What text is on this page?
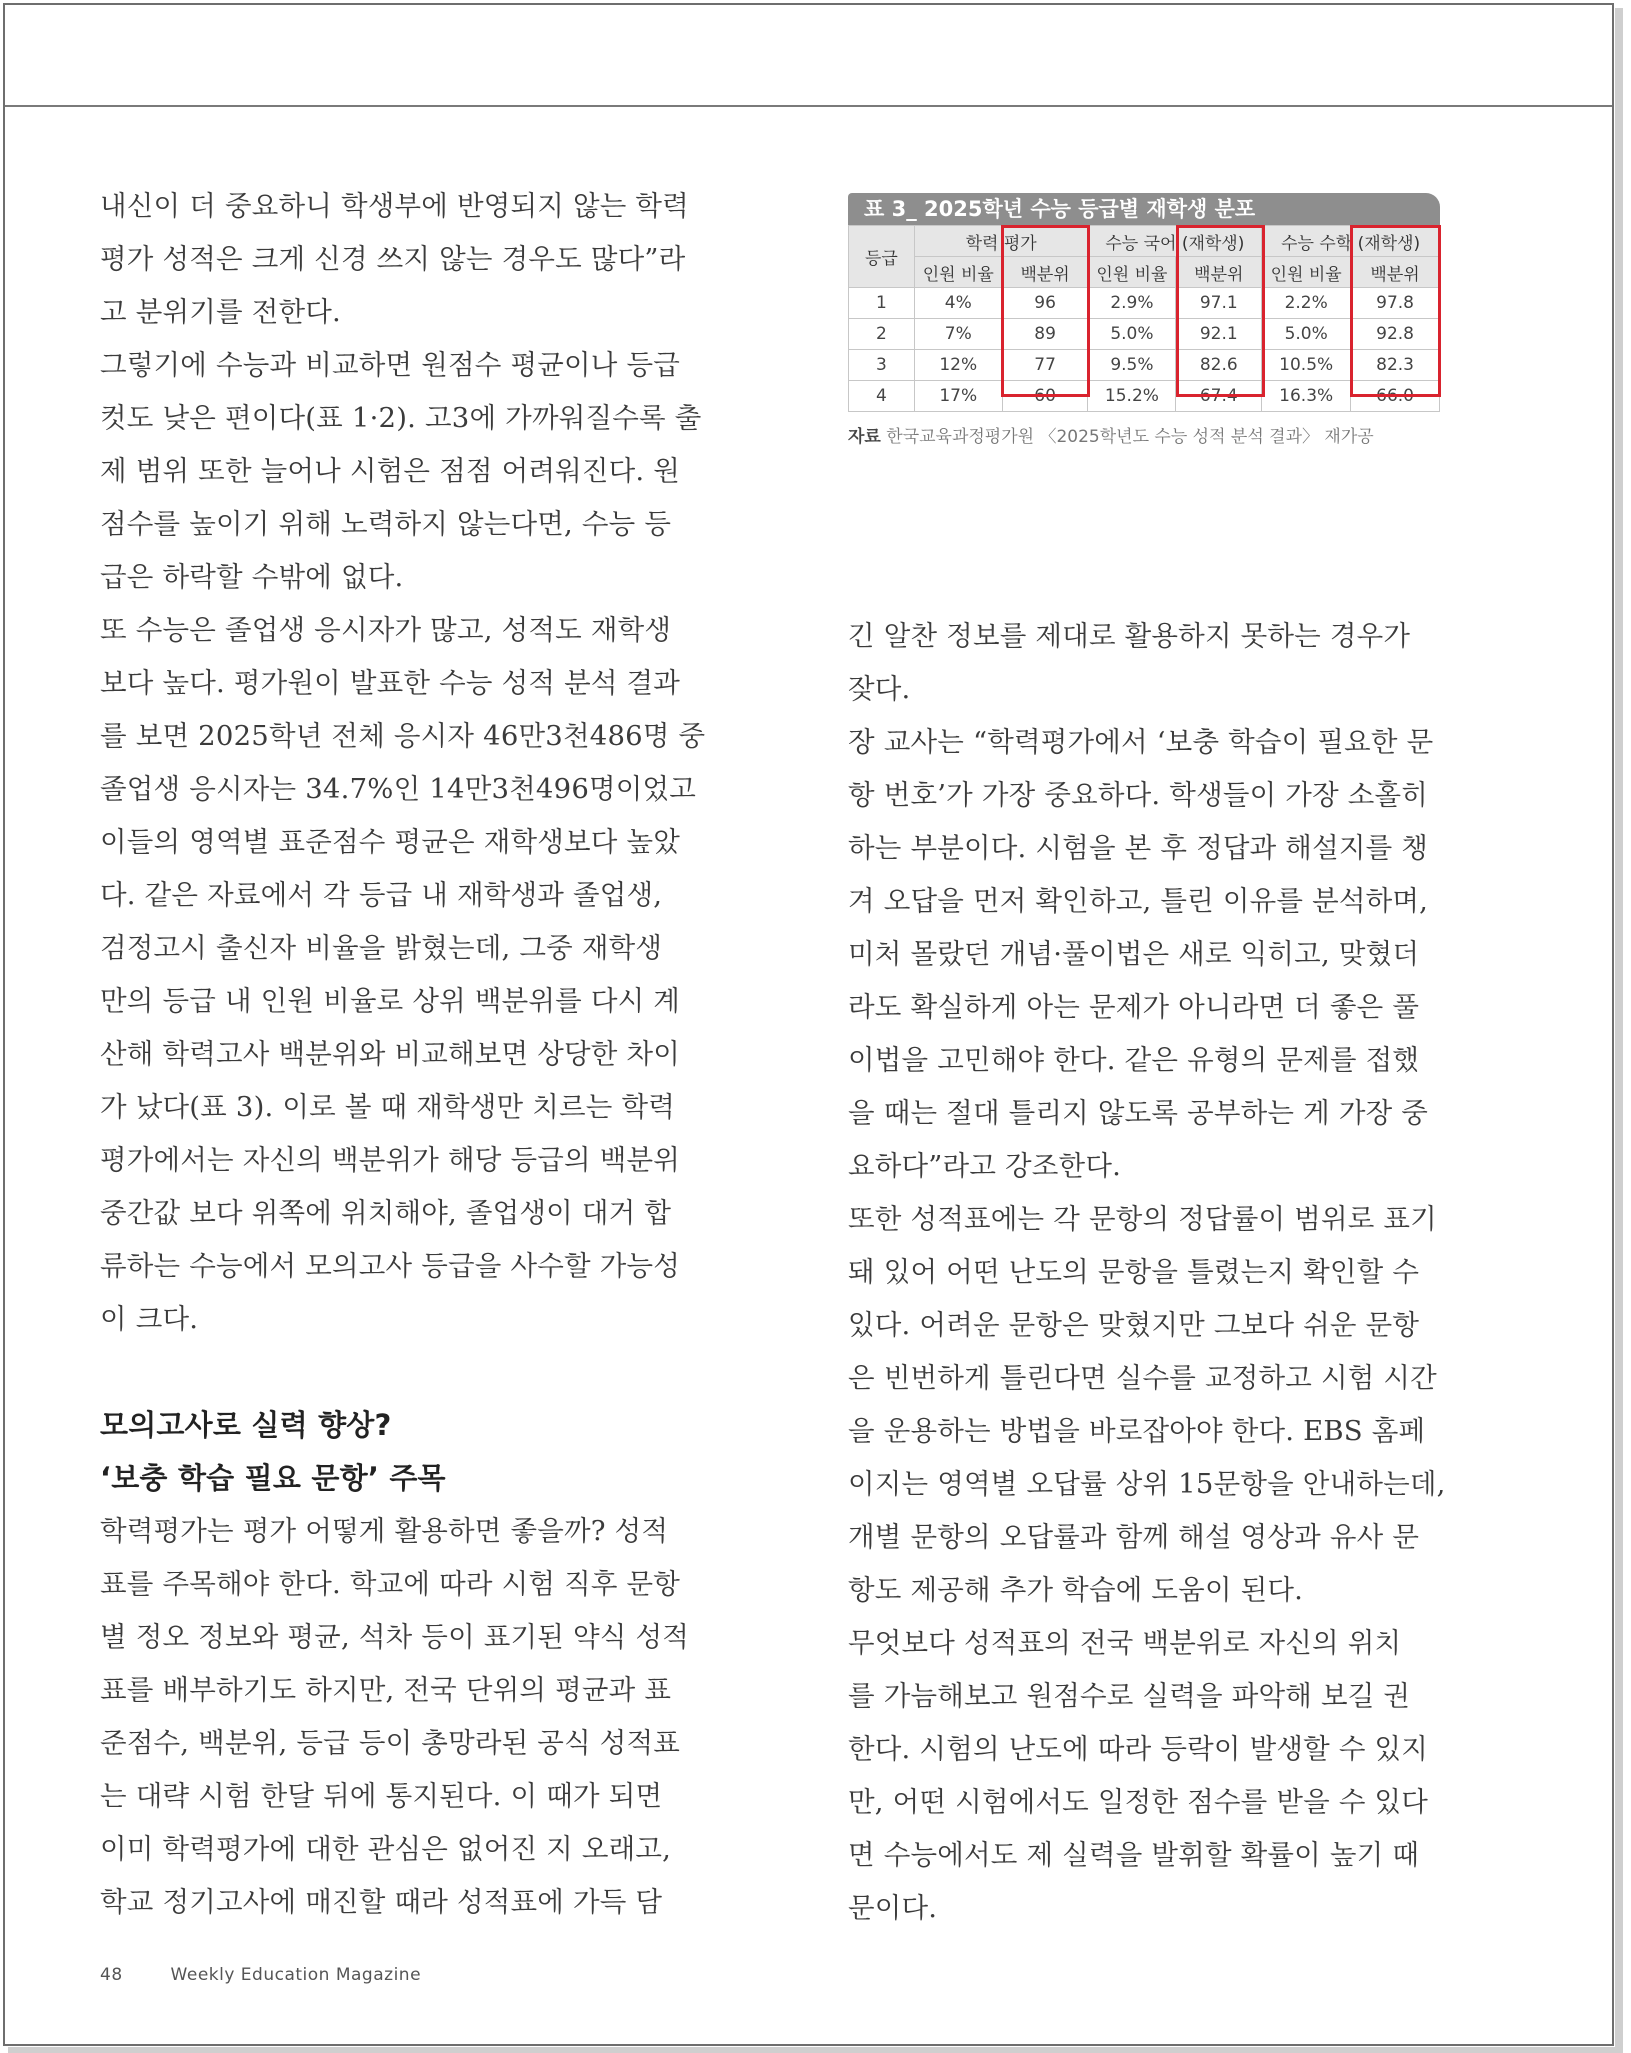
내신이 더 중요하니 학생부에 반영되지 않는 학력
평가 성적은 크게 신경 쓰지 않는 경우도 많다”라
고 분위기를 전한다.
그렇기에 수능과 비교하면 원점수 평균이나 등급
컷도 낮은 편이다(표 1·2). 고3에 가까워질수록 출
제 범위 또한 늘어나 시험은 점점 어려워진다. 원
점수를 높이기 위해 노력하지 않는다면, 수능 등
급은 하락할 수밖에 없다.
또 수능은 졸업생 응시자가 많고, 성적도 재학생
보다 높다. 평가원이 발표한 수능 성적 분석 결과
를 보면 2025학년 전체 응시자 46만3천486명 중
졸업생 응시자는 34.7%인 14만3천496명이었고
이들의 영역별 표준점수 평균은 재학생보다 높았
다. 같은 자료에서 각 등급 내 재학생과 졸업생,
검정고시 출신자 비율을 밝혔는데, 그중 재학생
만의 등급 내 인원 비율로 상위 백분위를 다시 계
산해 학력고사 백분위와 비교해보면 상당한 차이
가 났다(표 3). 이로 볼 때 재학생만 치르는 학력
평가에서는 자신의 백분위가 해당 등급의 백분위
중간값 보다 위쪽에 위치해야, 졸업생이 대거 합
류하는 수능에서 모의고사 등급을 사수할 가능성
이 크다.
모의고사로 실력 향상?
‘보충 학습 필요 문항’ 주목
학력평가는 평가 어떻게 활용하면 좋을까? 성적
표를 주목해야 한다. 학교에 따라 시험 직후 문항
별 정오 정보와 평균, 석차 등이 표기된 약식 성적
표를 배부하기도 하지만, 전국 단위의 평균과 표
준점수, 백분위, 등급 등이 총망라된 공식 성적표
는 대략 시험 한달 뒤에 통지된다. 이 때가 되면
이미 학력평가에 대한 관심은 없어진 지 오래고,
학교 정기고사에 매진할 때라 성적표에 가득 담
표 3_ 2025학년 수능 등급별 재학생 분포
등급	학력 평가		수능 국어 (재학생)		수능 수학 (재학생)	
	인원 비율	백분위	인원 비율	백분위	인원 비율	백분위
1	4%	96	2.9%	97.1	2.2%	97.8
2	7%	89	5.0%	92.1	5.0%	92.8
3	12%	77	9.5%	82.6	10.5%	82.3
4	17%	60	15.2%	67.4	16.3%	66.0
자료 한국교육과정평가원 〈2025학년도 수능 성적 분석 결과〉 재가공
긴 알찬 정보를 제대로 활용하지 못하는 경우가
잦다.
장 교사는 “학력평가에서 ‘보충 학습이 필요한 문
항 번호’가 가장 중요하다. 학생들이 가장 소홀히
하는 부분이다. 시험을 본 후 정답과 해설지를 챙
겨 오답을 먼저 확인하고, 틀린 이유를 분석하며,
미처 몰랐던 개념·풀이법은 새로 익히고, 맞혔더
라도 확실하게 아는 문제가 아니라면 더 좋은 풀
이법을 고민해야 한다. 같은 유형의 문제를 접했
을 때는 절대 틀리지 않도록 공부하는 게 가장 중
요하다”라고 강조한다.
또한 성적표에는 각 문항의 정답률이 범위로 표기
돼 있어 어떤 난도의 문항을 틀렸는지 확인할 수
있다. 어려운 문항은 맞혔지만 그보다 쉬운 문항
은 빈번하게 틀린다면 실수를 교정하고 시험 시간
을 운용하는 방법을 바로잡아야 한다. EBS 홈페
이지는 영역별 오답률 상위 15문항을 안내하는데,
개별 문항의 오답률과 함께 해설 영상과 유사 문
항도 제공해 추가 학습에 도움이 된다.
무엇보다 성적표의 전국 백분위로 자신의 위치
를 가늠해보고 원점수로 실력을 파악해 보길 권
한다. 시험의 난도에 따라 등락이 발생할 수 있지
만, 어떤 시험에서도 일정한 점수를 받을 수 있다
면 수능에서도 제 실력을 발휘할 확률이 높기 때
문이다.
48	Weekly Education Magazine
